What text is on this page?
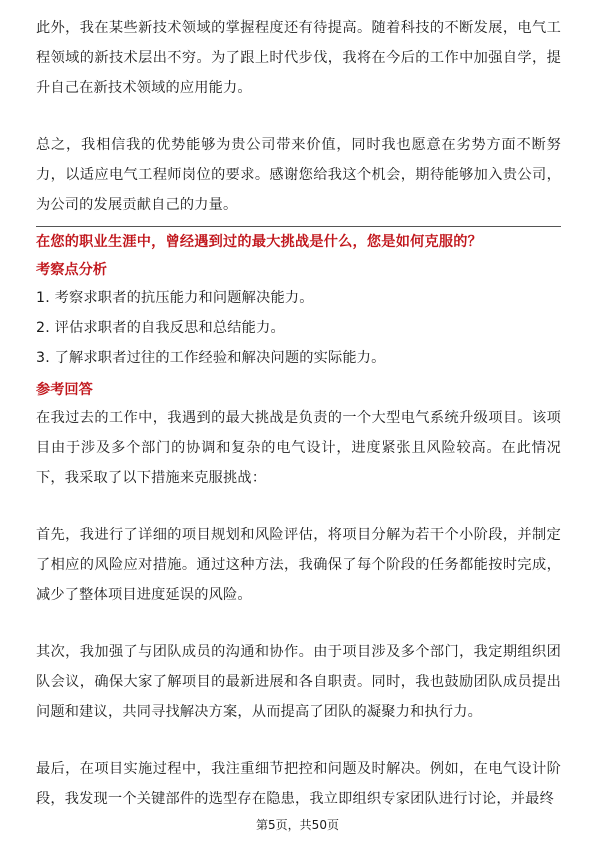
此外，我在某些新技术领域的掌握程度还有待提高。随着科技的不断发展，电气工程领域的新技术层出不穷。为了跟上时代步伐，我将在今后的工作中加强自学，提升自己在新技术领域的应用能力。

总之，我相信我的优势能够为贵公司带来价值，同时我也愿意在劣势方面不断努力，以适应电气工程师岗位的要求。感谢您给我这个机会，期待能够加入贵公司，为公司的发展贡献自己的力量。

在您的职业生涯中，曾经遇到过的最大挑战是什么，您是如何克服的？

考察点分析

1. 考察求职者的抗压能力和问题解决能力。

2. 评估求职者的自我反思和总结能力。

3. 了解求职者过往的工作经验和解决问题的实际能力。

参考回答

在我过去的工作中，我遇到的最大挑战是负责的一个大型电气系统升级项目。该项目由于涉及多个部门的协调和复杂的电气设计，进度紧张且风险较高。在此情况下，我采取了以下措施来克服挑战：

首先，我进行了详细的项目规划和风险评估，将项目分解为若干个小阶段，并制定了相应的风险应对措施。通过这种方法，我确保了每个阶段的任务都能按时完成，减少了整体项目进度延误的风险。

其次，我加强了与团队成员的沟通和协作。由于项目涉及多个部门，我定期组织团队会议，确保大家了解项目的最新进展和各自职责。同时，我也鼓励团队成员提出问题和建议，共同寻找解决方案，从而提高了团队的凝聚力和执行力。

最后，在项目实施过程中，我注重细节把控和问题及时解决。例如，在电气设计阶段，我发现一个关键部件的选型存在隐患，我立即组织专家团队进行讨论，并最终

第5页，共50页
